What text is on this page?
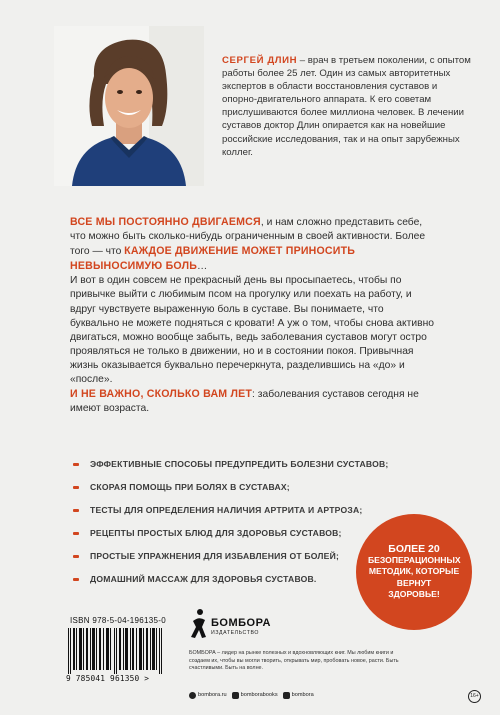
СЕРГЕЙ ДЛИН – врач в третьем поколении, с опытом работы более 25 лет. Один из самых авторитетных экспертов в области восстановления суставов и опорно-двигательного аппарата. К его советам прислушиваются более миллиона человек. В лечении суставов доктор Длин опирается как на новейшие российские исследования, так и на опыт зарубежных коллег.

ВСЕ МЫ ПОСТОЯННО ДВИГАЕМСЯ, и нам сложно представить себе, что можно быть сколько-нибудь ограниченным в своей активности. Более того — что КАЖДОЕ ДВИЖЕНИЕ МОЖЕТ ПРИНОСИТЬ НЕВЫНОСИМУЮ БОЛЬ…

И вот в один совсем не прекрасный день вы просыпаетесь, чтобы по привычке выйти с любимым псом на прогулку или поехать на работу, и вдруг чувствуете выраженную боль в суставе. Вы понимаете, что буквально не можете подняться с кровати! А уж о том, чтобы снова активно двигаться, можно вообще забыть, ведь заболевания суставов могут остро проявляться не только в движении, но и в состоянии покоя. Привычная жизнь оказывается буквально перечеркнута, разделившись на «до» и «после».

И НЕ ВАЖНО, СКОЛЬКО ВАМ ЛЕТ: заболевания суставов сегодня не имеют возраста.

ЭФФЕКТИВНЫЕ СПОСОБЫ ПРЕДУПРЕДИТЬ БОЛЕЗНИ СУСТАВОВ;
СКОРАЯ ПОМОЩЬ ПРИ БОЛЯХ В СУСТАВАХ;
ТЕСТЫ ДЛЯ ОПРЕДЕЛЕНИЯ НАЛИЧИЯ АРТРИТА И АРТРОЗА;
РЕЦЕПТЫ ПРОСТЫХ БЛЮД ДЛЯ ЗДОРОВЬЯ СУСТАВОВ;
ПРОСТЫЕ УПРАЖНЕНИЯ ДЛЯ ИЗБАВЛЕНИЯ ОТ БОЛЕЙ;
ДОМАШНИЙ МАССАЖ ДЛЯ ЗДОРОВЬЯ СУСТАВОВ.
БОЛЕЕ 20
БЕЗОПЕРАЦИОННЫХ
МЕТОДИК, КОТОРЫЕ
ВЕРНУТ
ЗДОРОВЬЕ!
ISBN 978-5-04-196135-0
9 785041 961350 >
БОМБОРА
ИЗДАТЕЛЬСТВО
БОМБОРА – лидер на рынке полезных и вдохновляющих книг. Мы любим книги и создаем их, чтобы вы могли творить, открывать мир, пробовать новое, расти. Быть счастливыми. Быть на волне.
bombora.ru	bomborabooks	bombora	16+
